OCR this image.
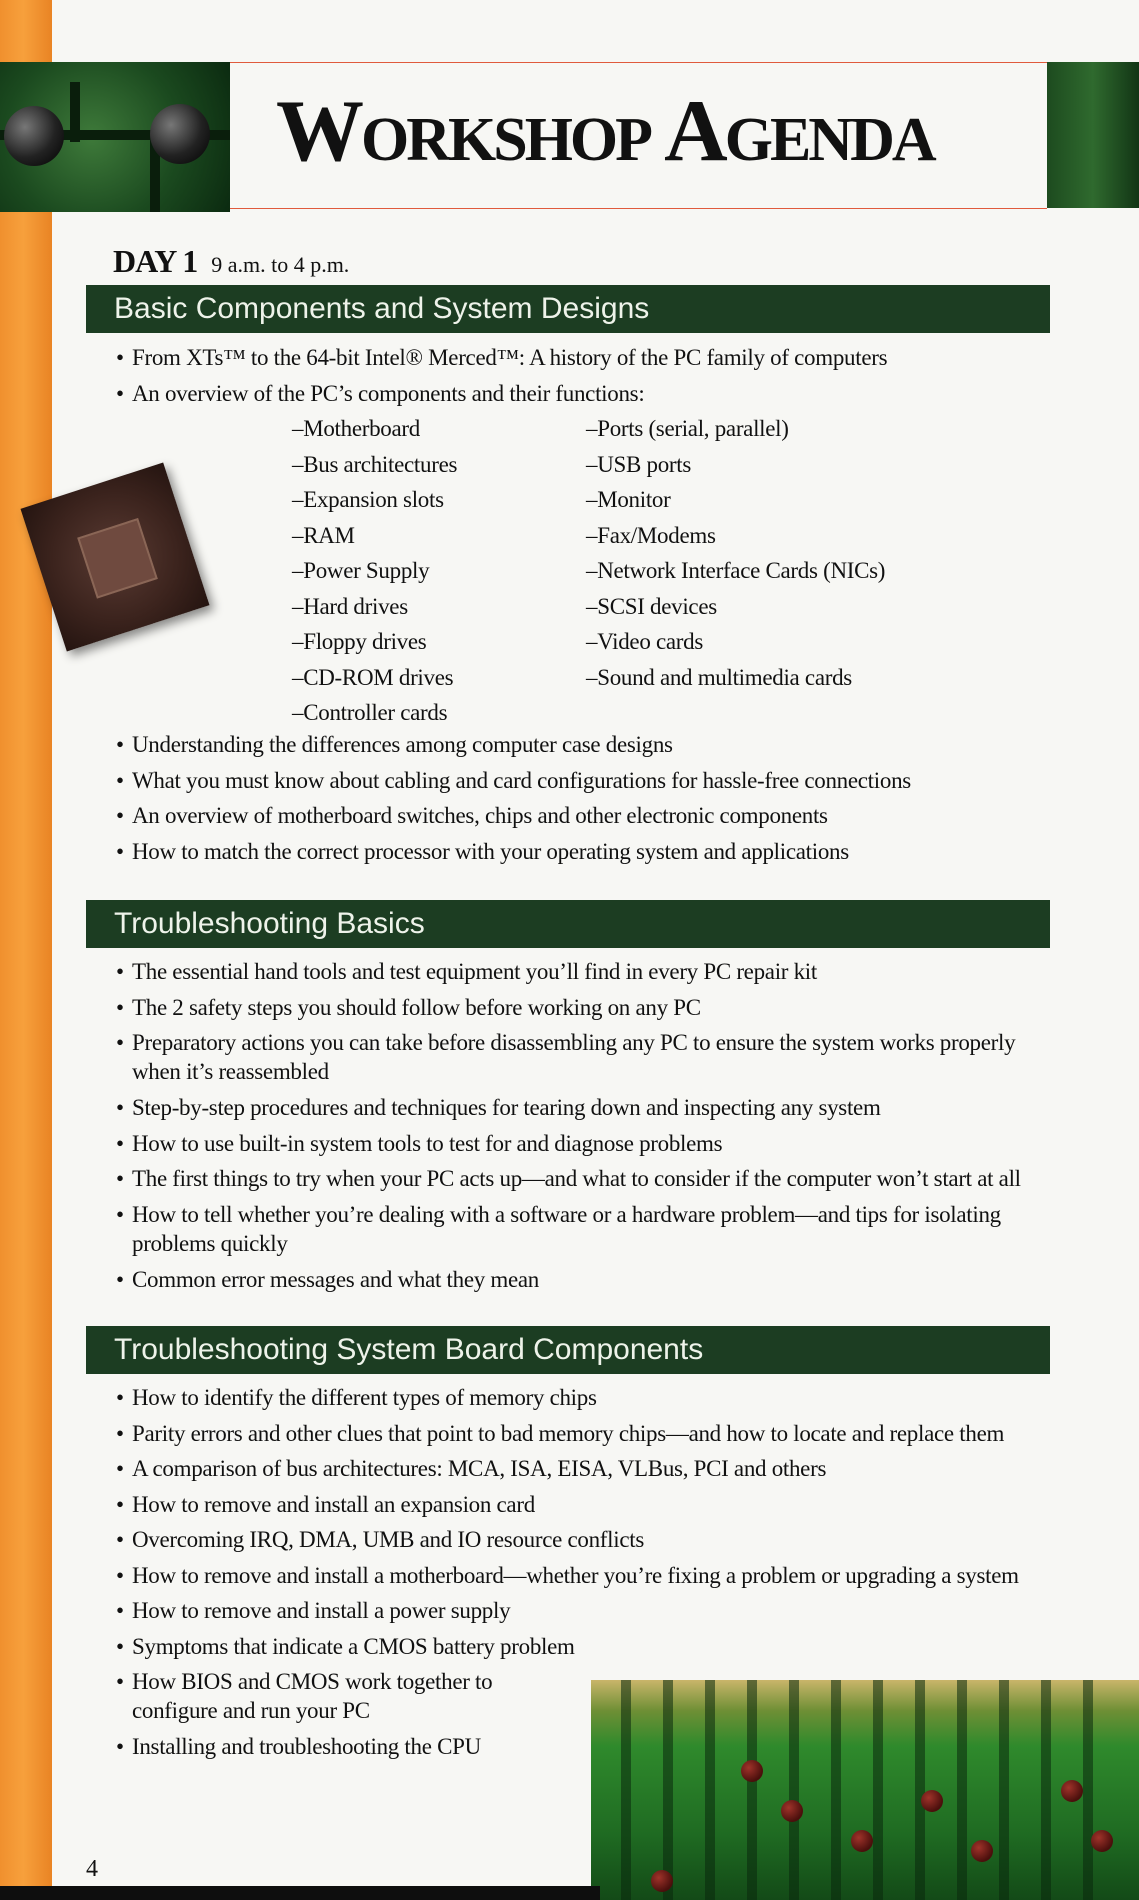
Workshop Agenda
DAY 1 9 a.m. to 4 p.m.
Basic Components and System Designs
• From XTs™ to the 64-bit Intel® Merced™: A history of the PC family of computers
• An overview of the PC’s components and their functions:
– Motherboard
– Bus architectures
– Expansion slots
– RAM
– Power Supply
– Hard drives
– Floppy drives
– CD-ROM drives
– Controller cards
– Ports (serial, parallel)
– USB ports
– Monitor
– Fax/Modems
– Network Interface Cards (NICs)
– SCSI devices
– Video cards
– Sound and multimedia cards
• Understanding the differences among computer case designs
• What you must know about cabling and card configurations for hassle-free connections
• An overview of motherboard switches, chips and other electronic components
• How to match the correct processor with your operating system and applications
Troubleshooting Basics
• The essential hand tools and test equipment you’ll find in every PC repair kit
• The 2 safety steps you should follow before working on any PC
• Preparatory actions you can take before disassembling any PC to ensure the system works properly when it’s reassembled
• Step-by-step procedures and techniques for tearing down and inspecting any system
• How to use built-in system tools to test for and diagnose problems
• The first things to try when your PC acts up—and what to consider if the computer won’t start at all
• How to tell whether you’re dealing with a software or a hardware problem—and tips for isolating problems quickly
• Common error messages and what they mean
Troubleshooting System Board Components
• How to identify the different types of memory chips
• Parity errors and other clues that point to bad memory chips—and how to locate and replace them
• A comparison of bus architectures: MCA, ISA, EISA, VLBus, PCI and others
• How to remove and install an expansion card
• Overcoming IRQ, DMA, UMB and IO resource conflicts
• How to remove and install a motherboard—whether you’re fixing a problem or upgrading a system
• How to remove and install a power supply
• Symptoms that indicate a CMOS battery problem
• How BIOS and CMOS work together to configure and run your PC
• Installing and troubleshooting the CPU
4
